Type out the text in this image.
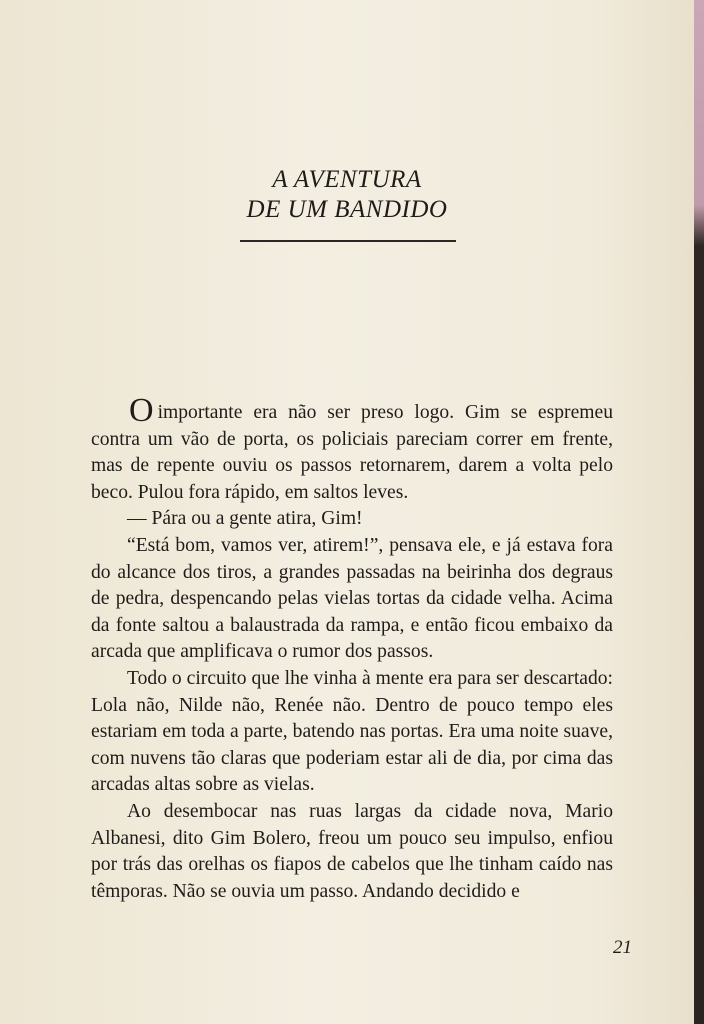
A AVENTURA
DE UM BANDIDO

Oimportante era não ser preso logo. Gim se espremeu contra um vão de porta, os policiais pareciam correr em frente, mas de repente ouviu os passos retornarem, darem a volta pelo beco. Pulou fora rápido, em saltos leves.

— Pára ou a gente atira, Gim!

“Está bom, vamos ver, atirem!”, pensava ele, e já estava fora do alcance dos tiros, a grandes passadas na beirinha dos degraus de pedra, despencando pelas vielas tortas da cidade velha. Acima da fonte saltou a balaustrada da rampa, e então ficou embaixo da arcada que amplificava o rumor dos passos.

Todo o circuito que lhe vinha à mente era para ser descartado: Lola não, Nilde não, Renée não. Dentro de pouco tempo eles estariam em toda a parte, batendo nas portas. Era uma noite suave, com nuvens tão claras que poderiam estar ali de dia, por cima das arcadas altas sobre as vielas.

Ao desembocar nas ruas largas da cidade nova, Mario Albanesi, dito Gim Bolero, freou um pouco seu impulso, enfiou por trás das orelhas os fiapos de cabelos que lhe tinham caído nas têmporas. Não se ouvia um passo. Andando decidido e

21
